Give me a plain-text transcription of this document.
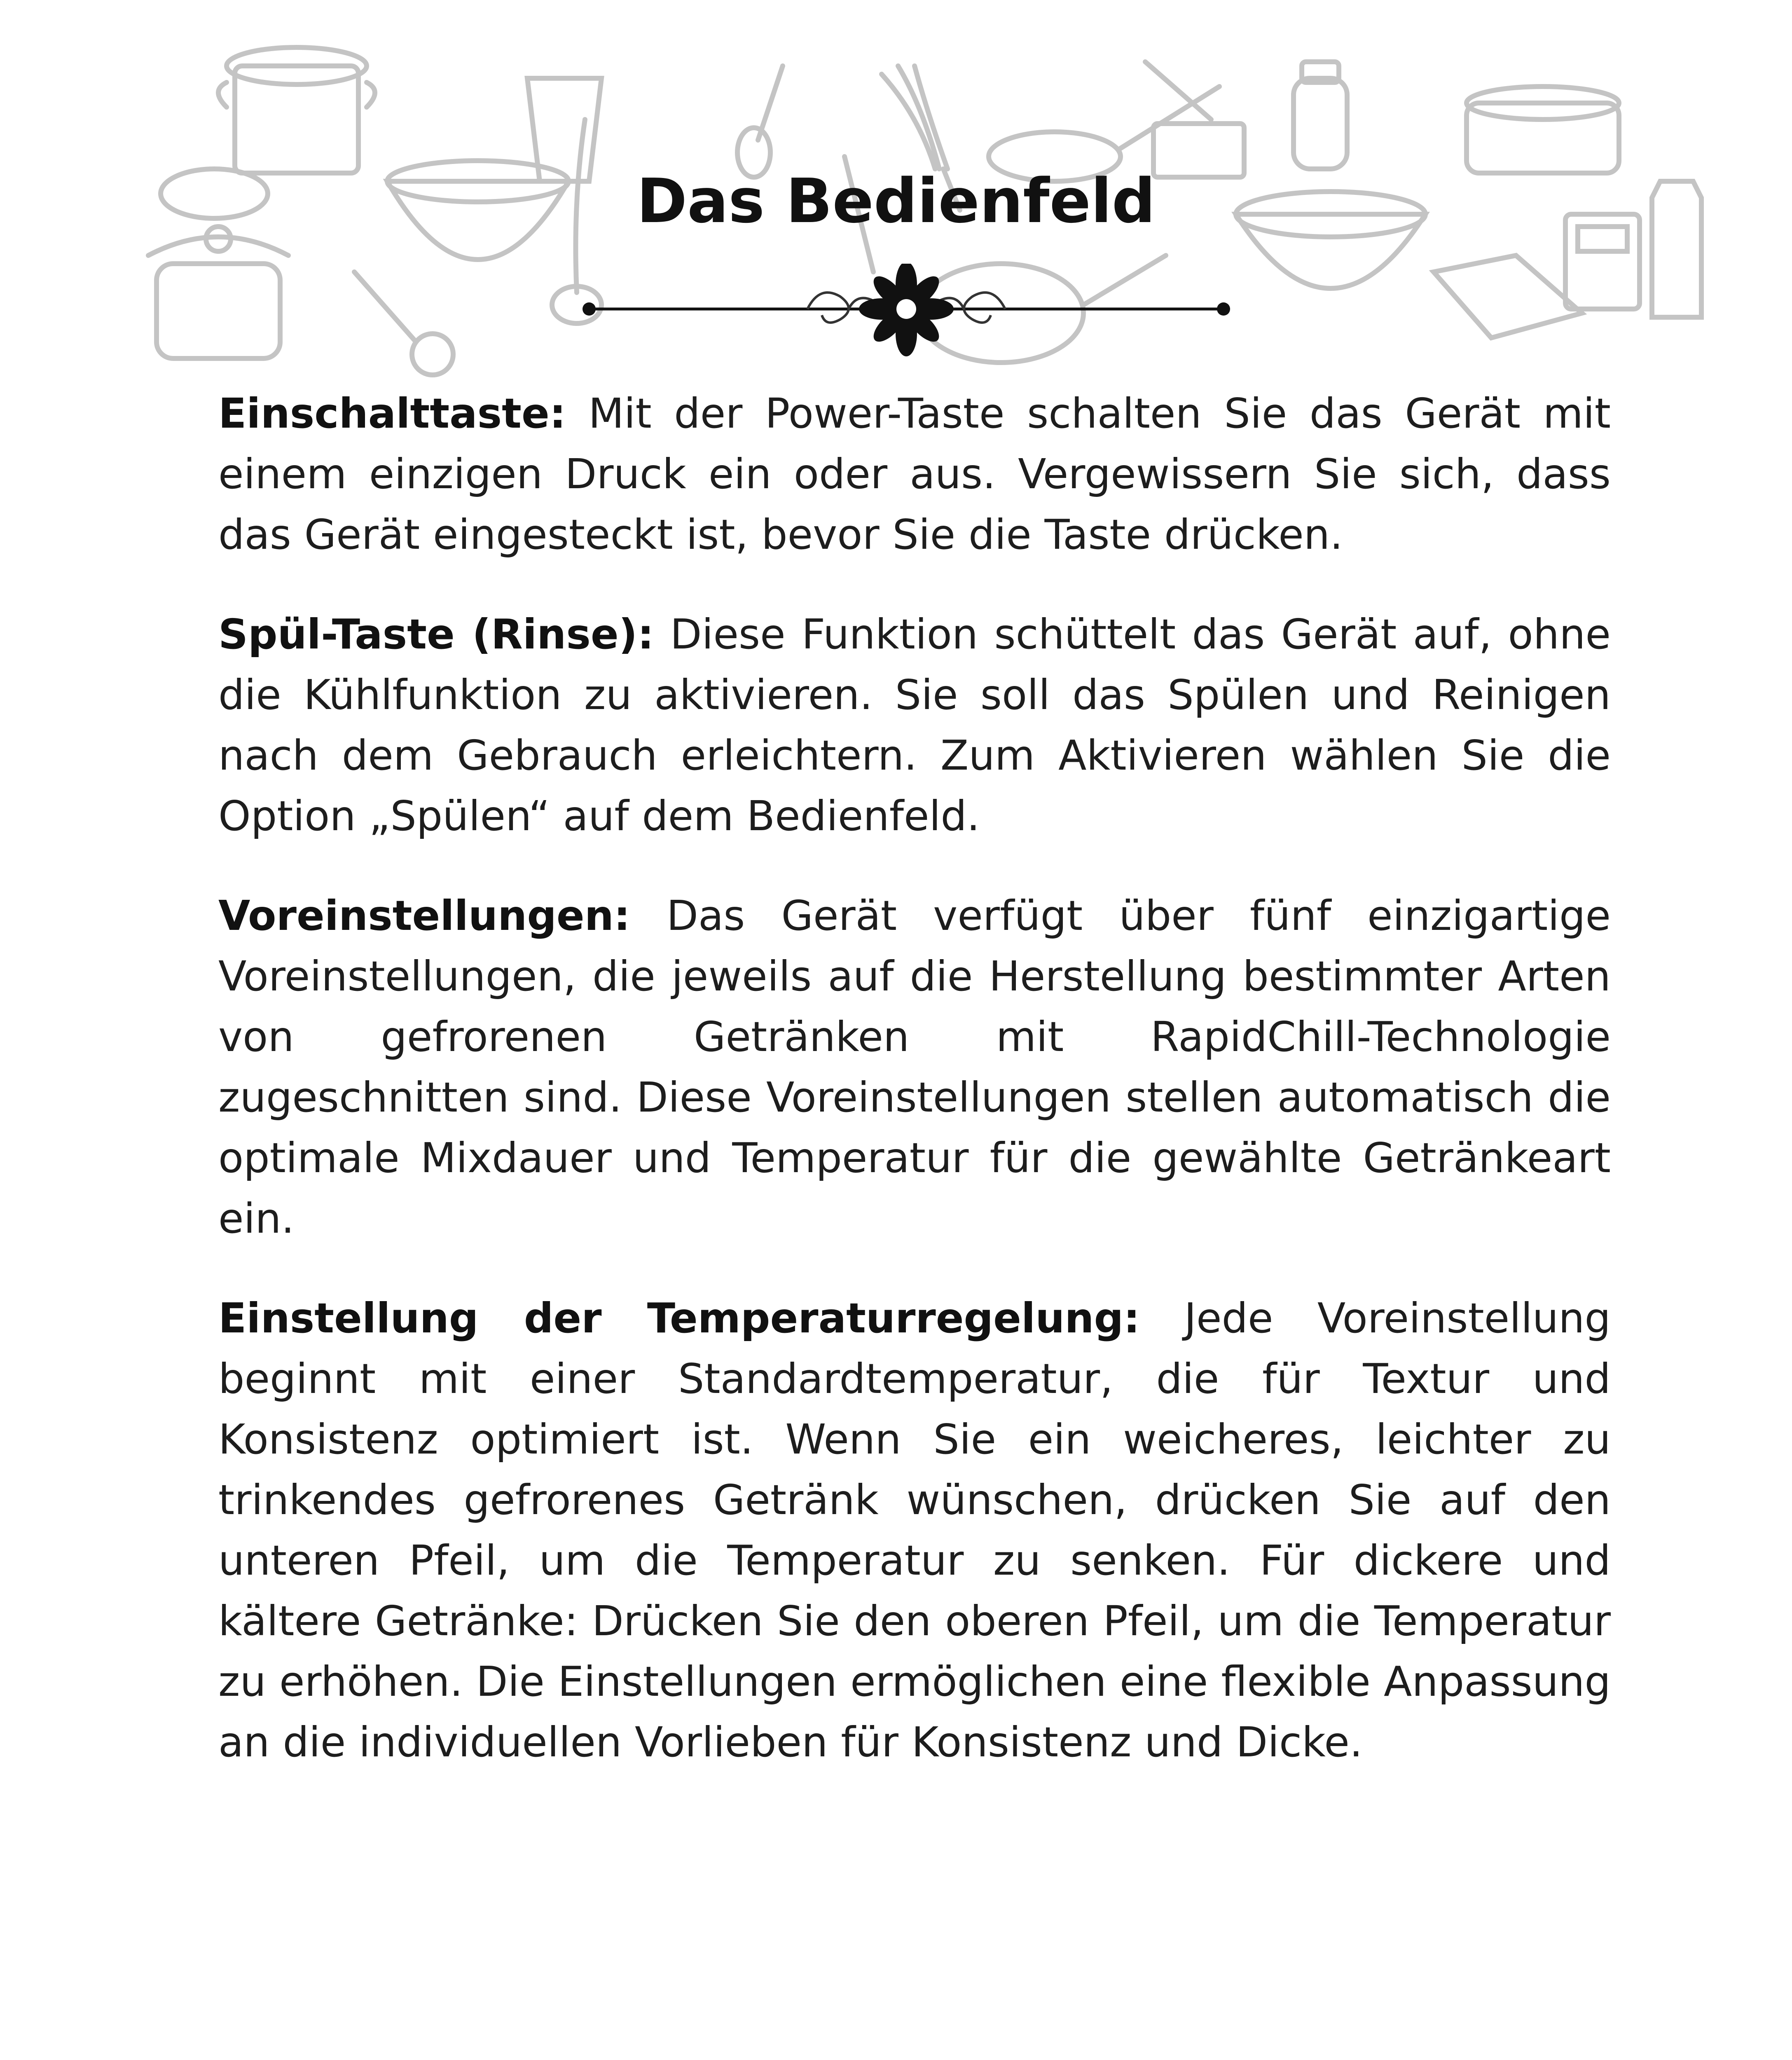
Das Bedienfeld

Einschalttaste: Mit der Power-Taste schalten Sie das Gerät mit einem einzigen Druck ein oder aus. Vergewissern Sie sich, dass das Gerät eingesteckt ist, bevor Sie die Taste drücken.

Spül-Taste (Rinse): Diese Funktion schüttelt das Gerät auf, ohne die Kühlfunktion zu aktivieren. Sie soll das Spülen und Reinigen nach dem Gebrauch erleichtern. Zum Aktivieren wählen Sie die Option „Spülen“ auf dem Bedienfeld.

Voreinstellungen: Das Gerät verfügt über fünf einzigartige Voreinstellungen, die jeweils auf die Herstellung bestimmter Arten von gefrorenen Getränken mit RapidChill-Technologie zugeschnitten sind. Diese Voreinstellungen stellen automatisch die optimale Mixdauer und Temperatur für die gewählte Getränkeart ein.

Einstellung der Temperaturregelung: Jede Voreinstellung beginnt mit einer Standardtemperatur, die für Textur und Konsistenz optimiert ist. Wenn Sie ein weicheres, leichter zu trinkendes gefrorenes Getränk wünschen, drücken Sie auf den unteren Pfeil, um die Temperatur zu senken. Für dickere und kältere Getränke: Drücken Sie den oberen Pfeil, um die Temperatur zu erhöhen. Die Einstellungen ermöglichen eine flexible Anpassung an die individuellen Vorlieben für Konsistenz und Dicke.
